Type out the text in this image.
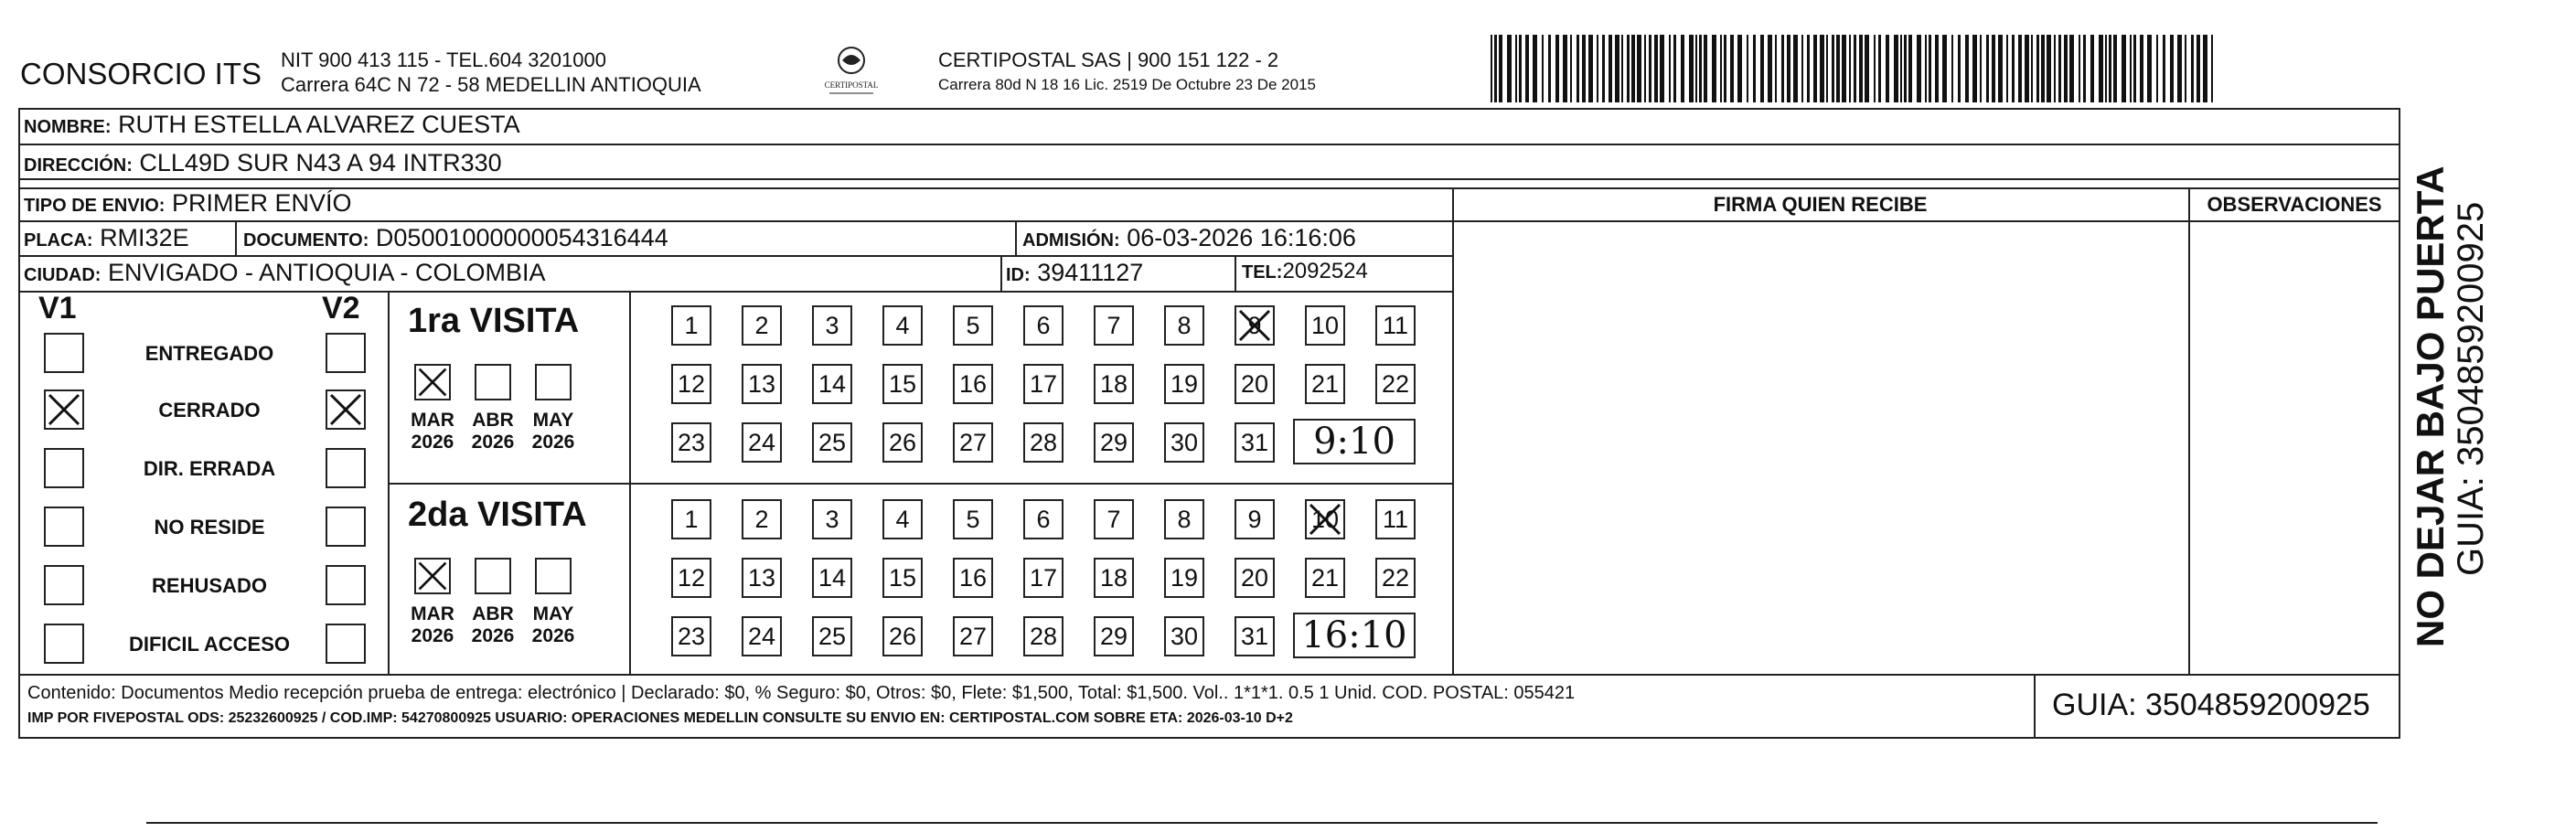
CONSORCIO ITS NIT 900 413 115 - TEL.604 3201000
Carrera 64C N 72 - 58 MEDELLIN ANTIOQUIA	CERTIPOSTAL
CERTIPOSTAL SAS | 900 151 122 - 2
Carrera 80d N 18 16 Lic. 2519 De Octubre 23 De 2015
NOMBRE: RUTH ESTELLA ALVAREZ CUESTA
DIRECCIÓN: CLL49D SUR N43 A 94 INTR330
TIPO DE ENVIO: PRIMER ENVÍO
PLACA: RMI32E	DOCUMENTO: D05001000000054316444	ADMISIÓN: 06-03-2026 16:16:06
CIUDAD: ENVIGADO - ANTIOQUIA - COLOMBIA	ID: 39411127	TEL:2092524
FIRMA QUIEN RECIBE	OBSERVACIONES
V1	V2
ENTREGADO
CERRADO
DIR. ERRADA
NO RESIDE
REHUSADO
DIFICIL ACCESO
1ra VISITA
MAR
2026
ABR
2026
MAY
2026
1	2	3	4	5	6	7	8	9	10 11
12 13 14 15 16 17 18 19 20 21 22
23 24 25 26 27 28 29 30 31	9:10
2da VISITA
MAR
2026
ABR
2026
MAY
2026
1	2	3	4	5	6	7	8	9	10 11
12 13 14 15 16 17 18 19 20 21 22
23 24 25 26 27 28 29 30 31 16:10
Contenido: Documentos Medio recepción prueba de entrega: electrónico | Declarado: $0, % Seguro: $0, Otros: $0, Flete: $1,500, Total: $1,500. Vol.. 1*1*1. 0.5 1 Unid. COD. POSTAL: 055421
IMP POR FIVEPOSTAL ODS: 25232600925 / COD.IMP: 54270800925 USUARIO: OPERACIONES MEDELLIN CONSULTE SU ENVIO EN: CERTIPOSTAL.COM SOBRE ETA: 2026-03-10 D+2	GUIA: 3504859200925
NO DEJAR BAJO PUERTA GUIA: 3504859200925
